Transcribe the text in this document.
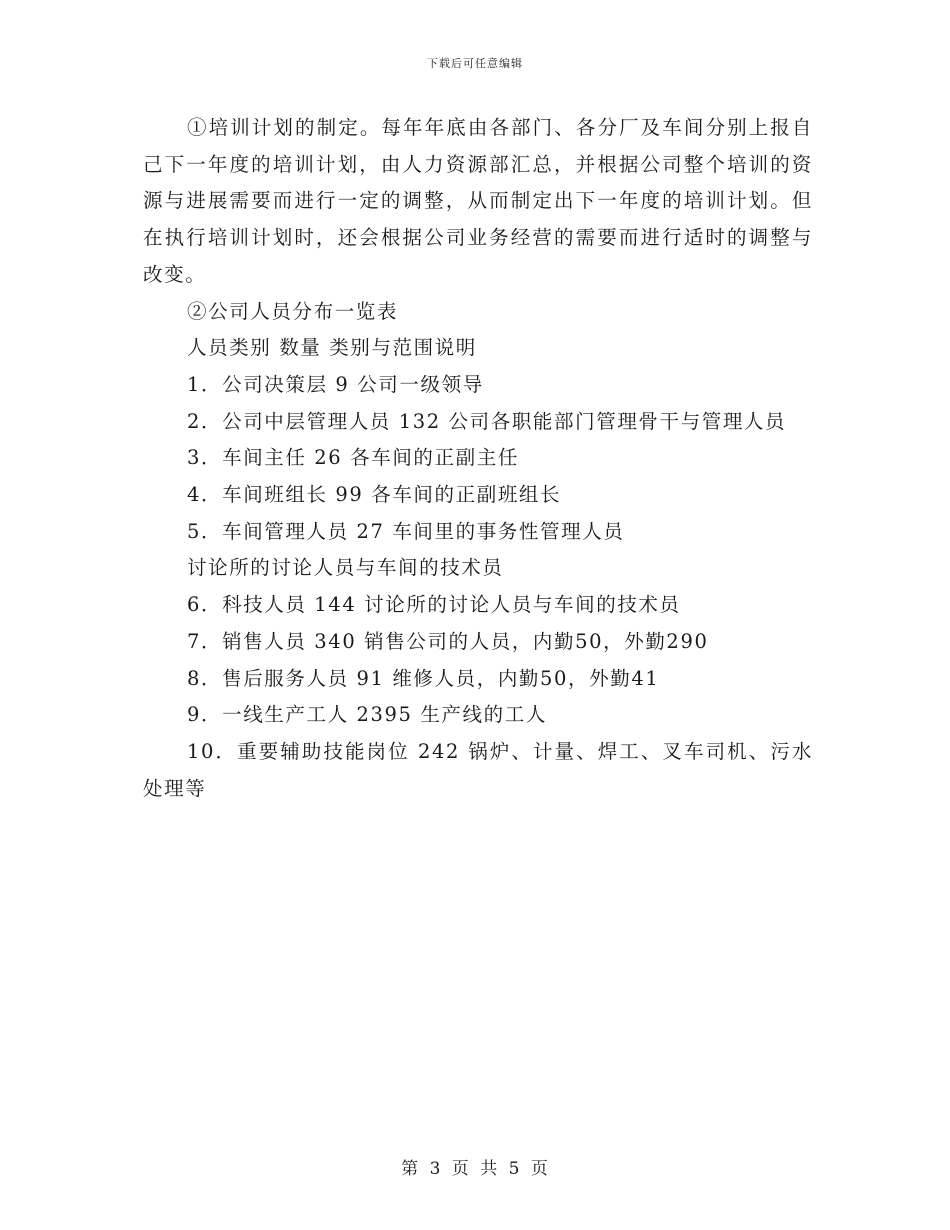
下载后可任意编辑

①培训计划的制定。每年年底由各部门、各分厂及车间分别上报自己下一年度的培训计划，由人力资源部汇总，并根据公司整个培训的资源与进展需要而进行一定的调整，从而制定出下一年度的培训计划。但在执行培训计划时，还会根据公司业务经营的需要而进行适时的调整与改变。

②公司人员分布一览表

人员类别 数量 类别与范围说明

1．公司决策层 9 公司一级领导

2．公司中层管理人员 132 公司各职能部门管理骨干与管理人员

3．车间主任 26 各车间的正副主任

4．车间班组长 99 各车间的正副班组长

5．车间管理人员 27 车间里的事务性管理人员

讨论所的讨论人员与车间的技术员

6．科技人员 144 讨论所的讨论人员与车间的技术员

7．销售人员 340 销售公司的人员，内勤50，外勤290

8．售后服务人员 91 维修人员，内勤50，外勤41

9．一线生产工人 2395 生产线的工人

10．重要辅助技能岗位 242 锅炉、计量、焊工、叉车司机、污水处理等

第 3 页 共 5 页
